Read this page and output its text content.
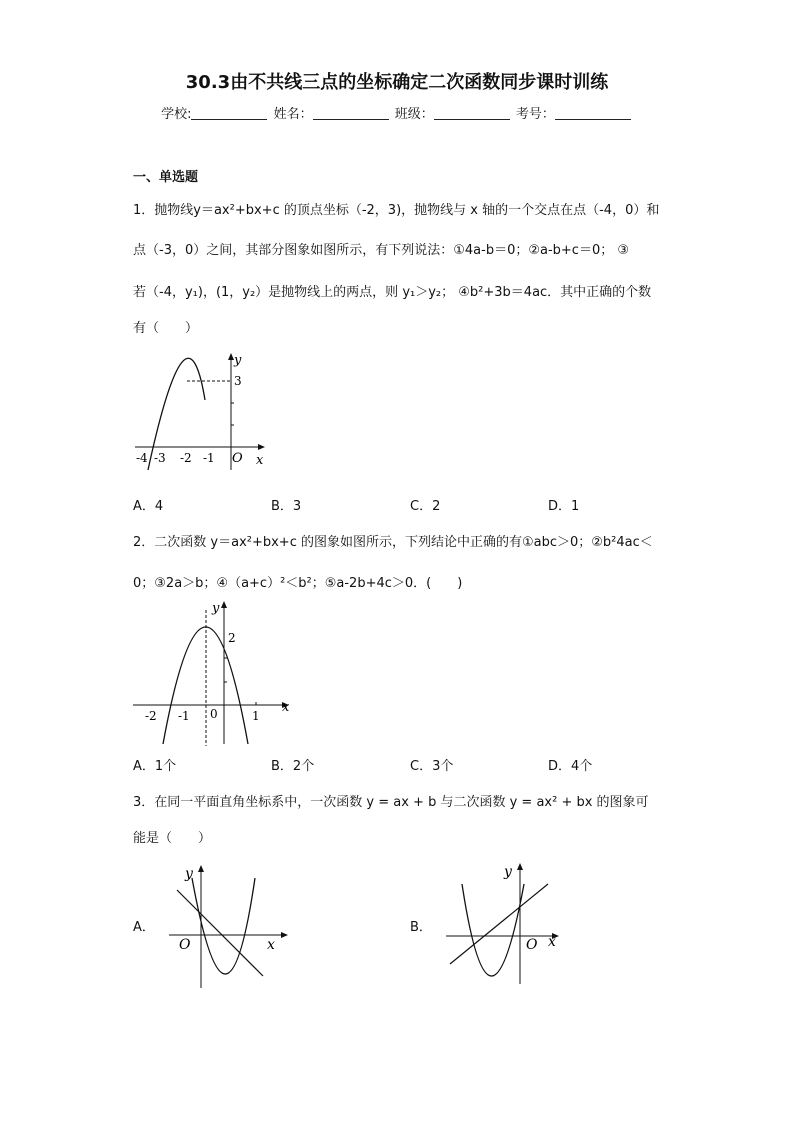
30.3由不共线三点的坐标确定二次函数同步课时训练
学校:	姓名：	班级：	考号：
一、单选题
1．抛物线y＝ax²+bx+c 的顶点坐标（-2，3)，抛物线与 x 轴的一个交点在点（-4，0）和
点（-3，0）之间，其部分图象如图所示，有下列说法：①4a-b＝0；②a-b+c＝0； ③
若（-4，y₁)，(1，y₂）是抛物线上的两点，则 y₁＞y₂； ④b²+3b＝4ac．其中正确的个数
有（　　）
y
3
-4 -3 -2 -1 O x
A．4	B．3	C．2	D．1
2．二次函数 y＝ax²+bx+c 的图象如图所示，下列结论中正确的有①abc＞0；②b²4ac＜
0；③2a＞b；④（a+c）²＜b²；⑤a-2b+4c＞0．(　　)
y
2
-2 -1 0	1
x
A．1个	B．2个	C．3个	D．4个
3．在同一平面直角坐标系中，一次函数 y = ax + b 与二次函数 y = ax² + bx 的图象可
能是（　　）
A．
y
O	x
B．
y
O x
